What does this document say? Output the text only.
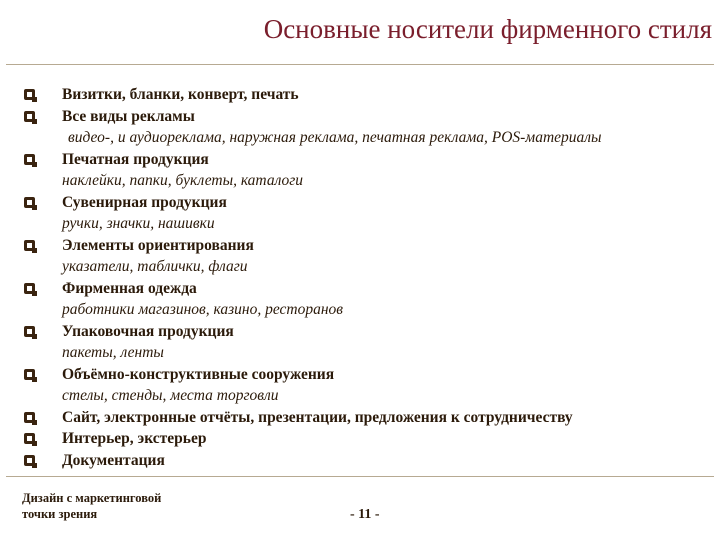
Основные носители фирменного стиля
Визитки, бланки, конверт, печать
Все виды рекламы
видео-, и аудиореклама, наружная реклама, печатная реклама, POS-материалы
Печатная продукция
наклейки, папки, буклеты, каталоги
Сувенирная продукция
ручки, значки, нашивки
Элементы ориентирования
указатели, таблички, флаги
Фирменная одежда
работники магазинов, казино, ресторанов
Упаковочная продукция
пакеты, ленты
Объёмно-конструктивные сооружения
стелы, стенды, места торговли
Сайт, электронные отчёты, презентации, предложения к сотрудничеству
Интерьер, экстерьер
Документация
Дизайн с маркетинговой
точки зрения	- 11 -
